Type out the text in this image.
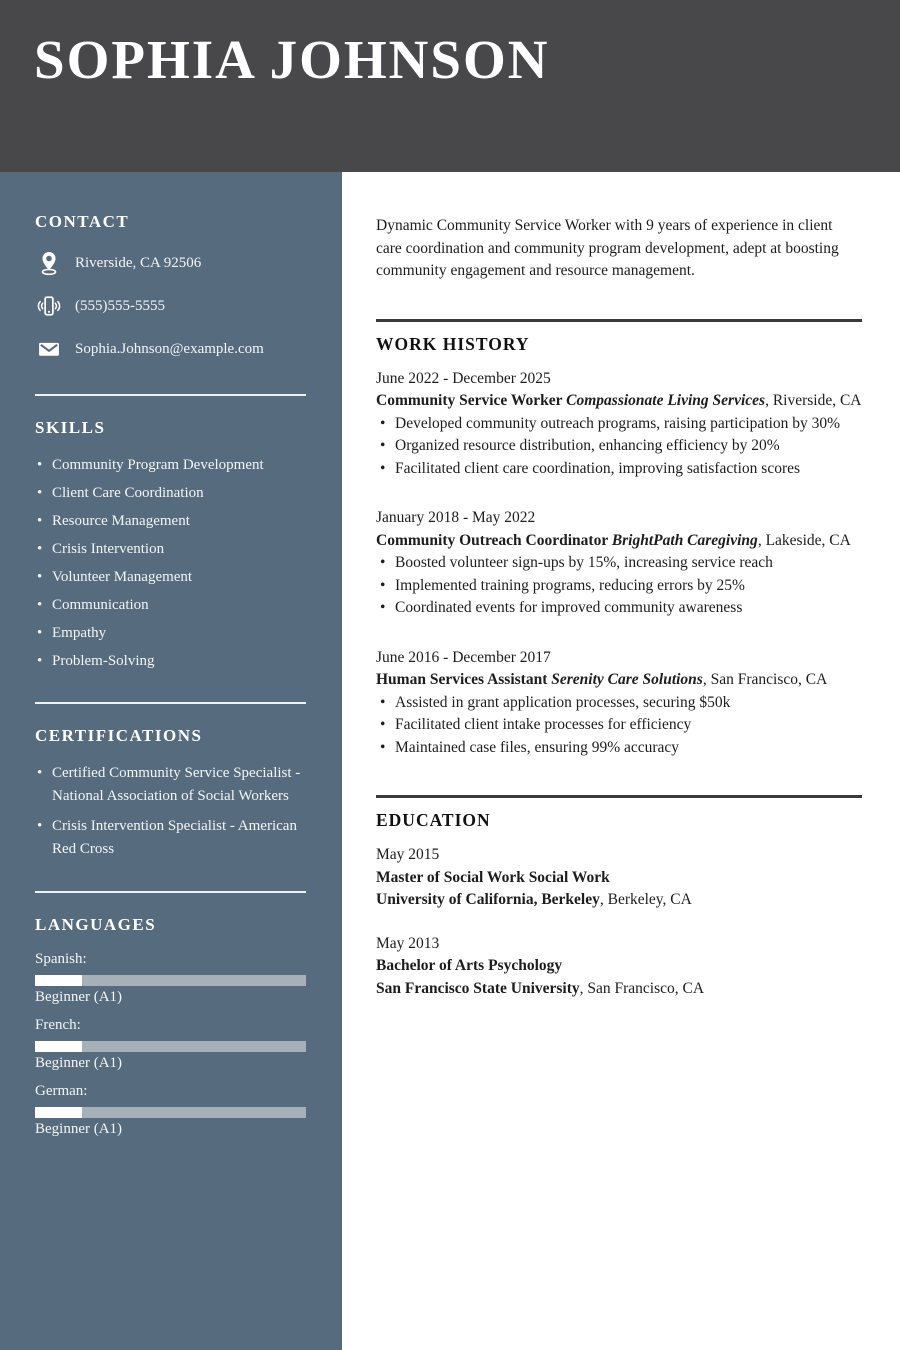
SOPHIA JOHNSON
CONTACT
Riverside, CA 92506
(555)555-5555
Sophia.Johnson@example.com
SKILLS
• Community Program Development
• Client Care Coordination
• Resource Management
• Crisis Intervention
• Volunteer Management
• Communication
• Empathy
• Problem-Solving
CERTIFICATIONS
• Certified Community Service Specialist - National Association of Social Workers
• Crisis Intervention Specialist - American Red Cross
LANGUAGES

Spanish:

Beginner (A1)

French:

Beginner (A1)

German:

Beginner (A1)

Dynamic Community Service Worker with 9 years of experience in client care coordination and community program development, adept at boosting community engagement and resource management.

WORK HISTORY
June 2022 - December 2025
Community Service Worker Compassionate Living Services, Riverside, CA
• Developed community outreach programs, raising participation by 30%
• Organized resource distribution, enhancing efficiency by 20%
• Facilitated client care coordination, improving satisfaction scores
January 2018 - May 2022
Community Outreach Coordinator BrightPath Caregiving, Lakeside, CA
• Boosted volunteer sign-ups by 15%, increasing service reach
• Implemented training programs, reducing errors by 25%
• Coordinated events for improved community awareness
June 2016 - December 2017
Human Services Assistant Serenity Care Solutions, San Francisco, CA
• Assisted in grant application processes, securing $50k
• Facilitated client intake processes for efficiency
• Maintained case files, ensuring 99% accuracy
EDUCATION
May 2015
Master of Social Work Social Work
University of California, Berkeley, Berkeley, CA
May 2013
Bachelor of Arts Psychology
San Francisco State University, San Francisco, CA
